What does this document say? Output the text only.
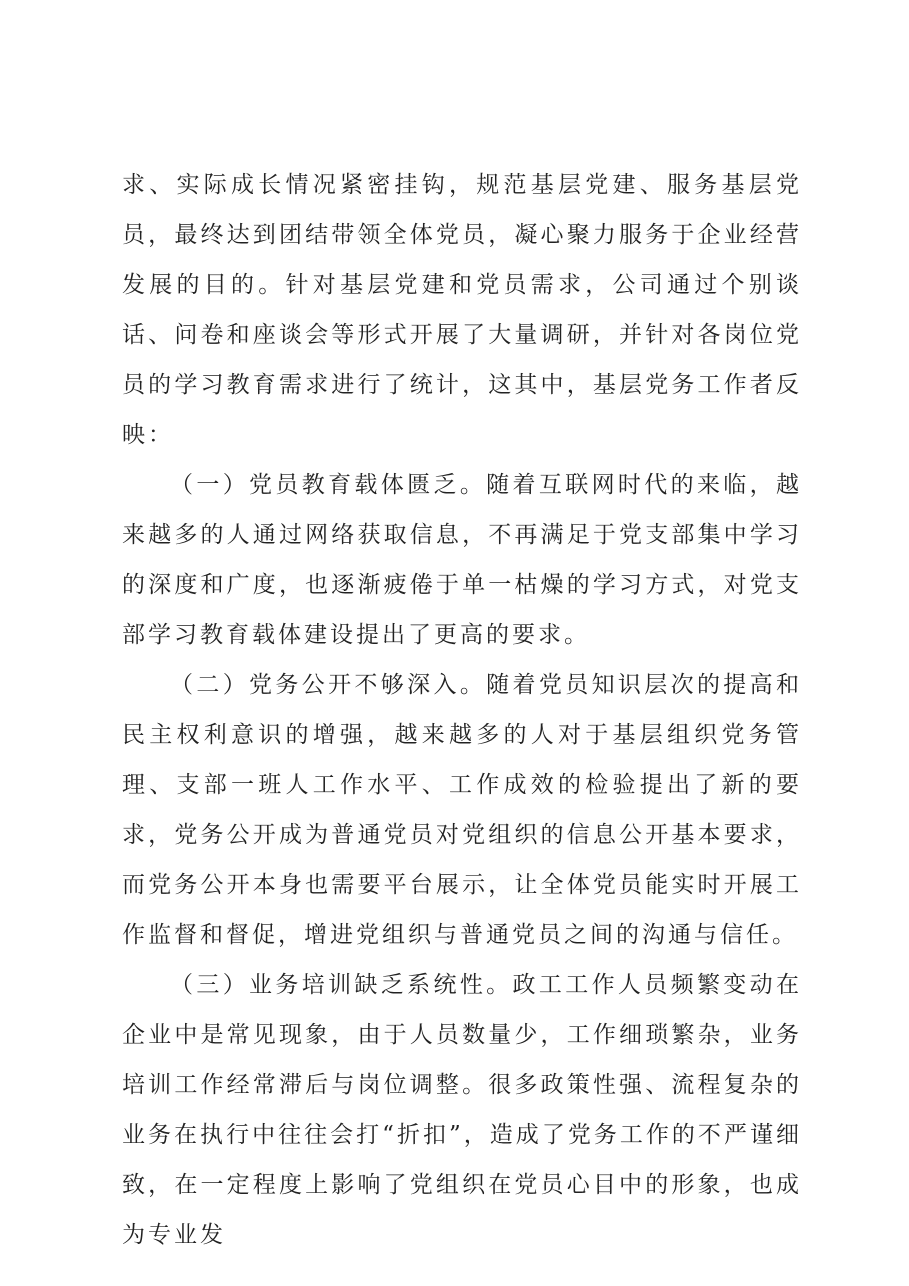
求、实际成长情况紧密挂钩，规范基层党建、服务基层党员，最终达到团结带领全体党员，凝心聚力服务于企业经营发展的目的。针对基层党建和党员需求，公司通过个别谈话、问卷和座谈会等形式开展了大量调研，并针对各岗位党员的学习教育需求进行了统计，这其中，基层党务工作者反映：

（一）党员教育载体匮乏。随着互联网时代的来临，越来越多的人通过网络获取信息，不再满足于党支部集中学习的深度和广度，也逐渐疲倦于单一枯燥的学习方式，对党支部学习教育载体建设提出了更高的要求。

（二）党务公开不够深入。随着党员知识层次的提高和民主权利意识的增强，越来越多的人对于基层组织党务管理、支部一班人工作水平、工作成效的检验提出了新的要求，党务公开成为普通党员对党组织的信息公开基本要求，而党务公开本身也需要平台展示，让全体党员能实时开展工作监督和督促，增进党组织与普通党员之间的沟通与信任。

（三）业务培训缺乏系统性。政工工作人员频繁变动在企业中是常见现象，由于人员数量少，工作细琐繁杂，业务培训工作经常滞后与岗位调整。很多政策性强、流程复杂的业务在执行中往往会打“折扣”，造成了党务工作的不严谨细致，在一定程度上影响了党组织在党员心目中的形象，也成为专业发
